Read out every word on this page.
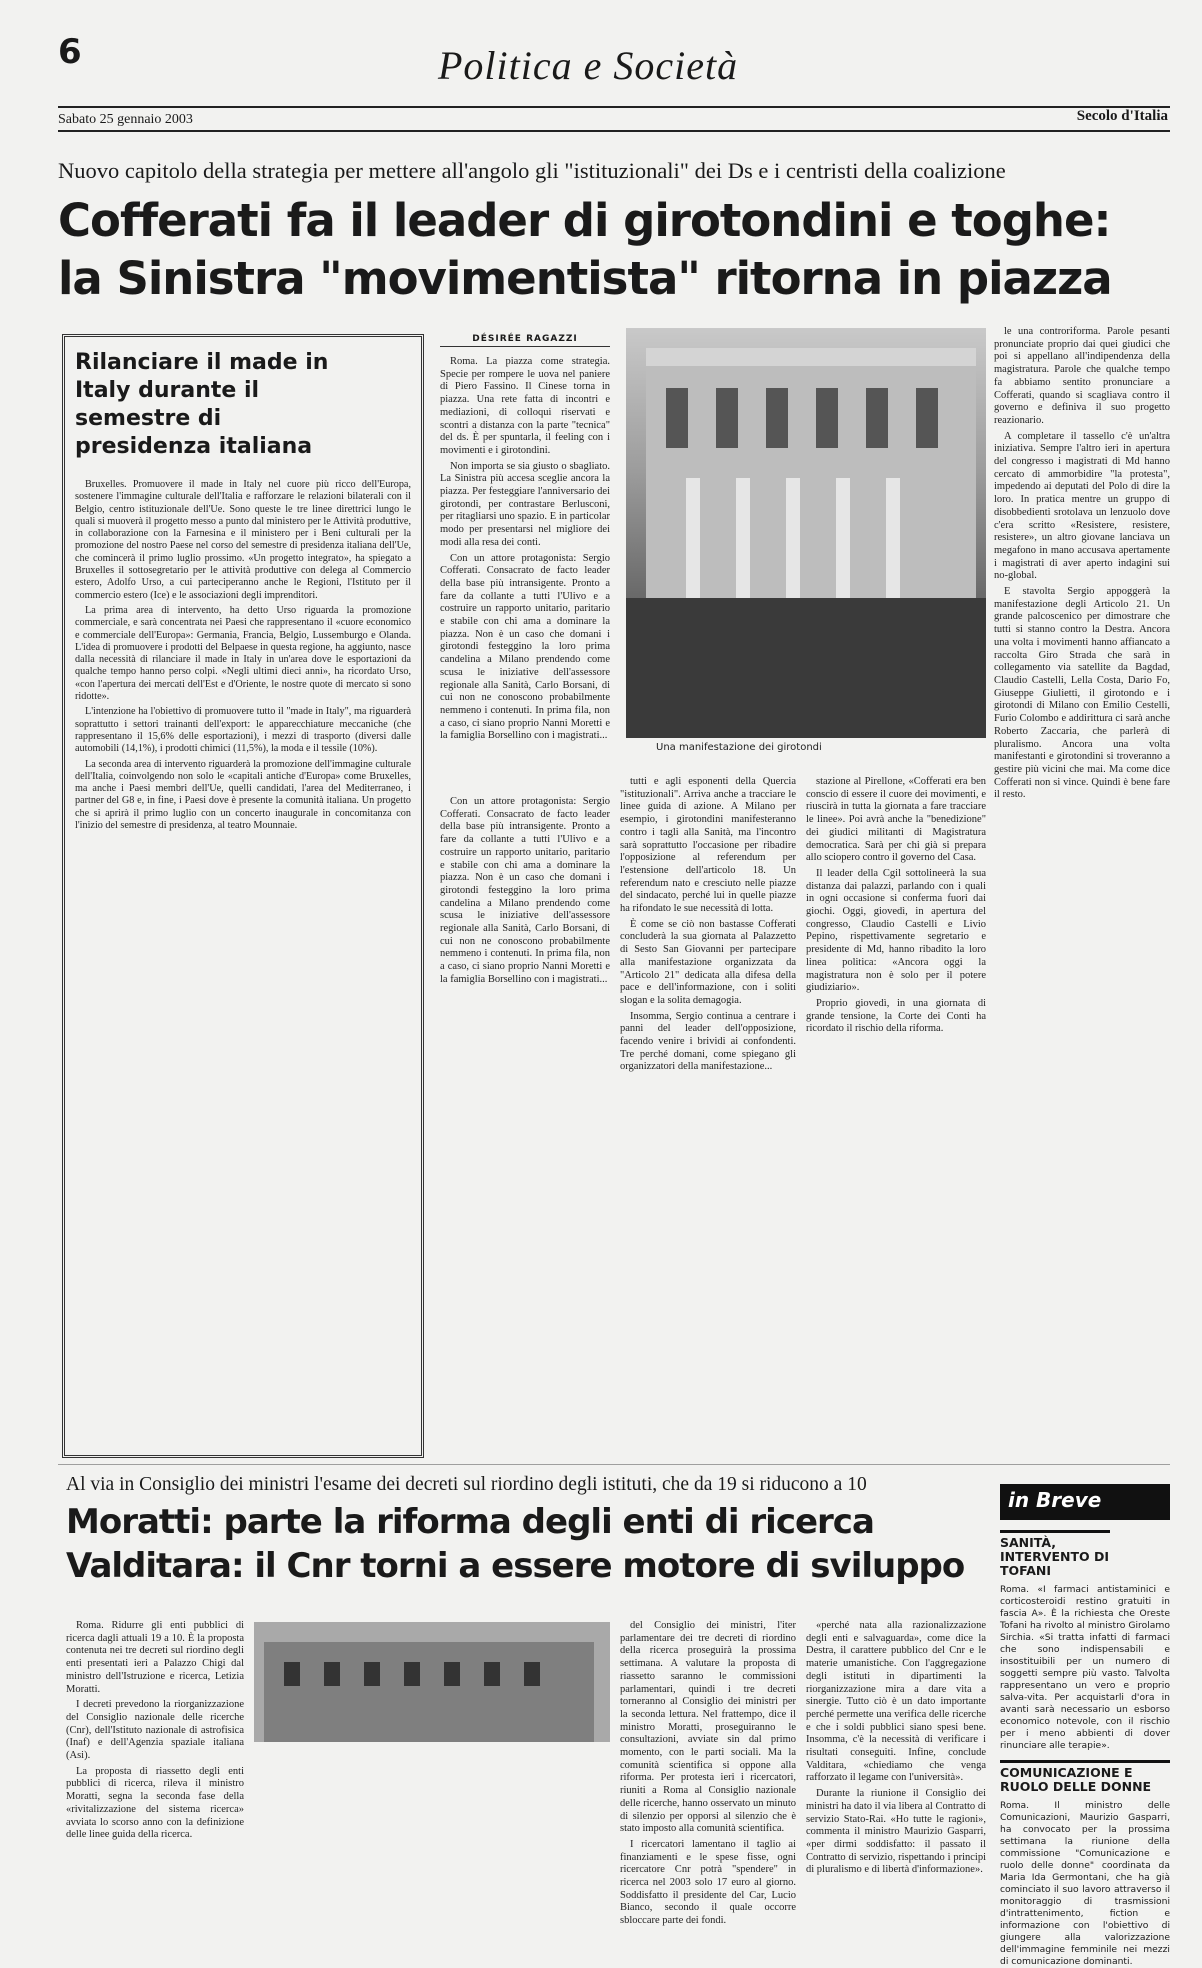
6	Politica e Società
Sabato 25 gennaio 2003	Secolo d'Italia
Nuovo capitolo della strategia per mettere all'angolo gli "istituzionali" dei Ds e i centristi della coalizione
Cofferati fa il leader di girotondini e toghe:
la Sinistra "movimentista" ritorna in piazza
Rilanciare il made in Italy durante il semestre di presidenza italiana

Bruxelles. Promuovere il made in Italy nel cuore più ricco dell'Europa, sostenere l'immagine culturale dell'Italia e rafforzare le relazioni bilaterali con il Belgio, centro istituzionale dell'Ue. Sono queste le tre linee direttrici lungo le quali si muoverà il progetto messo a punto dal ministero per le Attività produttive, in collaborazione con la Farnesina e il ministero per i Beni culturali per la promozione del nostro Paese nel corso del semestre di presidenza italiana dell'Ue, che comincerà il primo luglio prossimo. «Un progetto integrato», ha spiegato a Bruxelles il sottosegretario per le attività produttive con delega al Commercio estero, Adolfo Urso, a cui parteciperanno anche le Regioni, l'Istituto per il commercio estero (Ice) e le associazioni degli imprenditori.

La prima area di intervento, ha detto Urso riguarda la promozione commerciale, e sarà concentrata nei Paesi che rappresentano il «cuore economico e commerciale dell'Europa»: Germania, Francia, Belgio, Lussemburgo e Olanda. L'idea di promuovere i prodotti del Belpaese in questa regione, ha aggiunto, nasce dalla necessità di rilanciare il made in Italy in un'area dove le esportazioni da qualche tempo hanno perso colpi. «Negli ultimi dieci anni», ha ricordato Urso, «con l'apertura dei mercati dell'Est e d'Oriente, le nostre quote di mercato si sono ridotte».

L'intenzione ha l'obiettivo di promuovere tutto il "made in Italy", ma riguarderà soprattutto i settori trainanti dell'export: le apparecchiature meccaniche (che rappresentano il 15,6% delle esportazioni), i mezzi di trasporto (diversi dalle automobili (14,1%), i prodotti chimici (11,5%), la moda e il tessile (10%).

La seconda area di intervento riguarderà la promozione dell'immagine culturale dell'Italia, coinvolgendo non solo le «capitali antiche d'Europa» come Bruxelles, ma anche i Paesi membri dell'Ue, quelli candidati, l'area del Mediterraneo, i partner del G8 e, in fine, i Paesi dove è presente la comunità italiana. Un progetto che si aprirà il primo luglio con un concerto inaugurale in concomitanza con l'inizio del semestre di presidenza, al teatro Mounnaie.

DÉSIRÉE RAGAZZI

Roma. La piazza come strategia. Specie per rompere le uova nel paniere di Piero Fassino. Il Cinese torna in piazza. Una rete fatta di incontri e mediazioni, di colloqui riservati e scontri a distanza con la parte "tecnica" del ds. È per spuntarla, il feeling con i movimenti e i girotondini.

Non importa se sia giusto o sbagliato. La Sinistra più accesa sceglie ancora la piazza. Per festeggiare l'anniversario dei girotondi, per contrastare Berlusconi, per ritagliarsi uno spazio. E in particolar modo per presentarsi nel migliore dei modi alla resa dei conti.

Con un attore protagonista: Sergio Cofferati. Consacrato de facto leader della base più intransigente. Pronto a fare da collante a tutti l'Ulivo e a costruire un rapporto unitario, paritario e stabile con chi ama a dominare la piazza. Non è un caso che domani i girotondi festeggino la loro prima candelina a Milano prendendo come scusa le iniziative dell'assessore regionale alla Sanità, Carlo Borsani, di cui non ne conoscono probabilmente nemmeno i contenuti. In prima fila, non a caso, ci siano proprio Nanni Moretti e la famiglia Borsellino con i magistrati...

Una manifestazione dei girotondi

le una controriforma. Parole pesanti pronunciate proprio dai quei giudici che poi si appellano all'indipendenza della magistratura. Parole che qualche tempo fa abbiamo sentito pronunciare a Cofferati, quando si scagliava contro il governo e definiva il suo progetto reazionario.

A completare il tassello c'è un'altra iniziativa. Sempre l'altro ieri in apertura del congresso i magistrati di Md hanno cercato di ammorbidire "la protesta", impedendo ai deputati del Polo di dire la loro. In pratica mentre un gruppo di disobbedienti srotolava un lenzuolo dove c'era scritto «Resistere, resistere, resistere», un altro giovane lanciava un megafono in mano accusava apertamente i magistrati di aver aperto indagini sui no-global.

E stavolta Sergio appoggerà la manifestazione degli Articolo 21. Un grande palcoscenico per dimostrare che tutti si stanno contro la Destra. Ancora una volta i movimenti hanno affiancato a raccolta Giro Strada che sarà in collegamento via satellite da Bagdad, Claudio Castelli, Lella Costa, Dario Fo, Giuseppe Giulietti, il girotondo e i girotondi di Milano con Emilio Cestelli, Furio Colombo e addirittura ci sarà anche Roberto Zaccaria, che parlerà di pluralismo. Ancora una volta manifestanti e girotondini si troveranno a gestire più vicini che mai. Ma come dice Cofferati non si vince. Quindi è bene fare il resto.

Con un attore protagonista: Sergio Cofferati. Consacrato de facto leader della base più intransigente. Pronto a fare da collante a tutti l'Ulivo e a costruire un rapporto unitario, paritario e stabile con chi ama a dominare la piazza. Non è un caso che domani i girotondi festeggino la loro prima candelina a Milano prendendo come scusa le iniziative dell'assessore regionale alla Sanità, Carlo Borsani, di cui non ne conoscono probabilmente nemmeno i contenuti. In prima fila, non a caso, ci siano proprio Nanni Moretti e la famiglia Borsellino con i magistrati...

tutti e agli esponenti della Quercia "istituzionali". Arriva anche a tracciare le linee guida di azione. A Milano per esempio, i girotondini manifesteranno contro i tagli alla Sanità, ma l'incontro sarà soprattutto l'occasione per ribadire l'opposizione al referendum per l'estensione dell'articolo 18. Un referendum nato e cresciuto nelle piazze del sindacato, perché lui in quelle piazze ha rifondato le sue necessità di lotta.

È come se ciò non bastasse Cofferati concluderà la sua giornata al Palazzetto di Sesto San Giovanni per partecipare alla manifestazione organizzata da "Articolo 21" dedicata alla difesa della pace e dell'informazione, con i soliti slogan e la solita demagogia.

Insomma, Sergio continua a centrare i panni del leader dell'opposizione, facendo venire i brividi ai confondenti. Tre perché domani, come spiegano gli organizzatori della manifestazione...

stazione al Pirellone, «Cofferati era ben conscio di essere il cuore dei movimenti, e riuscirà in tutta la giornata a fare tracciare le linee». Poi avrà anche la "benedizione" dei giudici militanti di Magistratura democratica. Sarà per chi già si prepara allo sciopero contro il governo del Casa.

Il leader della Cgil sottolineerà la sua distanza dai palazzi, parlando con i quali in ogni occasione si conferma fuori dai giochi. Oggi, giovedì, in apertura del congresso, Claudio Castelli e Livio Pepino, rispettivamente segretario e presidente di Md, hanno ribadito la loro linea politica: «Ancora oggi la magistratura non è solo per il potere giudiziario».

Proprio giovedì, in una giornata di grande tensione, la Corte dei Conti ha ricordato il rischio della riforma.

Al via in Consiglio dei ministri l'esame dei decreti sul riordino degli istituti, che da 19 si riducono a 10
Moratti: parte la riforma degli enti di ricerca
Valditara: il Cnr torni a essere motore di sviluppo

Roma. Ridurre gli enti pubblici di ricerca dagli attuali 19 a 10. È la proposta contenuta nei tre decreti sul riordino degli enti presentati ieri a Palazzo Chigi dal ministro dell'Istruzione e ricerca, Letizia Moratti.

I decreti prevedono la riorganizzazione del Consiglio nazionale delle ricerche (Cnr), dell'Istituto nazionale di astrofisica (Inaf) e dell'Agenzia spaziale italiana (Asi).

La proposta di riassetto degli enti pubblici di ricerca, rileva il ministro Moratti, segna la seconda fase della «rivitalizzazione del sistema ricerca» avviata lo scorso anno con la definizione delle linee guida della ricerca.

del Consiglio dei ministri, l'iter parlamentare dei tre decreti di riordino della ricerca proseguirà la prossima settimana. A valutare la proposta di riassetto saranno le commissioni parlamentari, quindi i tre decreti torneranno al Consiglio dei ministri per la seconda lettura. Nel frattempo, dice il ministro Moratti, proseguiranno le consultazioni, avviate sin dal primo momento, con le parti sociali. Ma la comunità scientifica si oppone alla riforma. Per protesta ieri i ricercatori, riuniti a Roma al Consiglio nazionale delle ricerche, hanno osservato un minuto di silenzio per opporsi al silenzio che è stato imposto alla comunità scientifica.

I ricercatori lamentano il taglio ai finanziamenti e le spese fisse, ogni ricercatore Cnr potrà "spendere" in ricerca nel 2003 solo 17 euro al giorno. Soddisfatto il presidente del Car, Lucio Bianco, secondo il quale occorre sbloccare parte dei fondi.

«perché nata alla razionalizzazione degli enti e salvaguarda», come dice la Destra, il carattere pubblico del Cnr e le materie umanistiche. Con l'aggregazione degli istituti in dipartimenti la riorganizzazione mira a dare vita a sinergie. Tutto ciò è un dato importante perché permette una verifica delle ricerche e che i soldi pubblici siano spesi bene. Insomma, c'è la necessità di verificare i risultati conseguiti. Infine, conclude Valditara, «chiediamo che venga rafforzato il legame con l'università».

Durante la riunione il Consiglio dei ministri ha dato il via libera al Contratto di servizio Stato-Rai. «Ho tutte le ragioni», commenta il ministro Maurizio Gasparri, «per dirmi soddisfatto: il passato il Contratto di servizio, rispettando i principi di pluralismo e di libertà d'informazione».

in Breve
SANITÀ, INTERVENTO DI TOFANI
Roma. «I farmaci antistaminici e corticosteroidi restino gratuiti in fascia A». È la richiesta che Oreste Tofani ha rivolto al ministro Girolamo Sirchia. «Si tratta infatti di farmaci che sono indispensabili e insostituibili per un numero di soggetti sempre più vasto. Talvolta rappresentano un vero e proprio salva-vita. Per acquistarli d'ora in avanti sarà necessario un esborso economico notevole, con il rischio per i meno abbienti di dover rinunciare alle terapie».
COMUNICAZIONE E RUOLO DELLE DONNE
Roma. Il ministro delle Comunicazioni, Maurizio Gasparri, ha convocato per la prossima settimana la riunione della commissione "Comunicazione e ruolo delle donne" coordinata da Maria Ida Germontani, che ha già cominciato il suo lavoro attraverso il monitoraggio di trasmissioni d'intrattenimento, fiction e informazione con l'obiettivo di giungere alla valorizzazione dell'immagine femminile nei mezzi di comunicazione dominanti.
